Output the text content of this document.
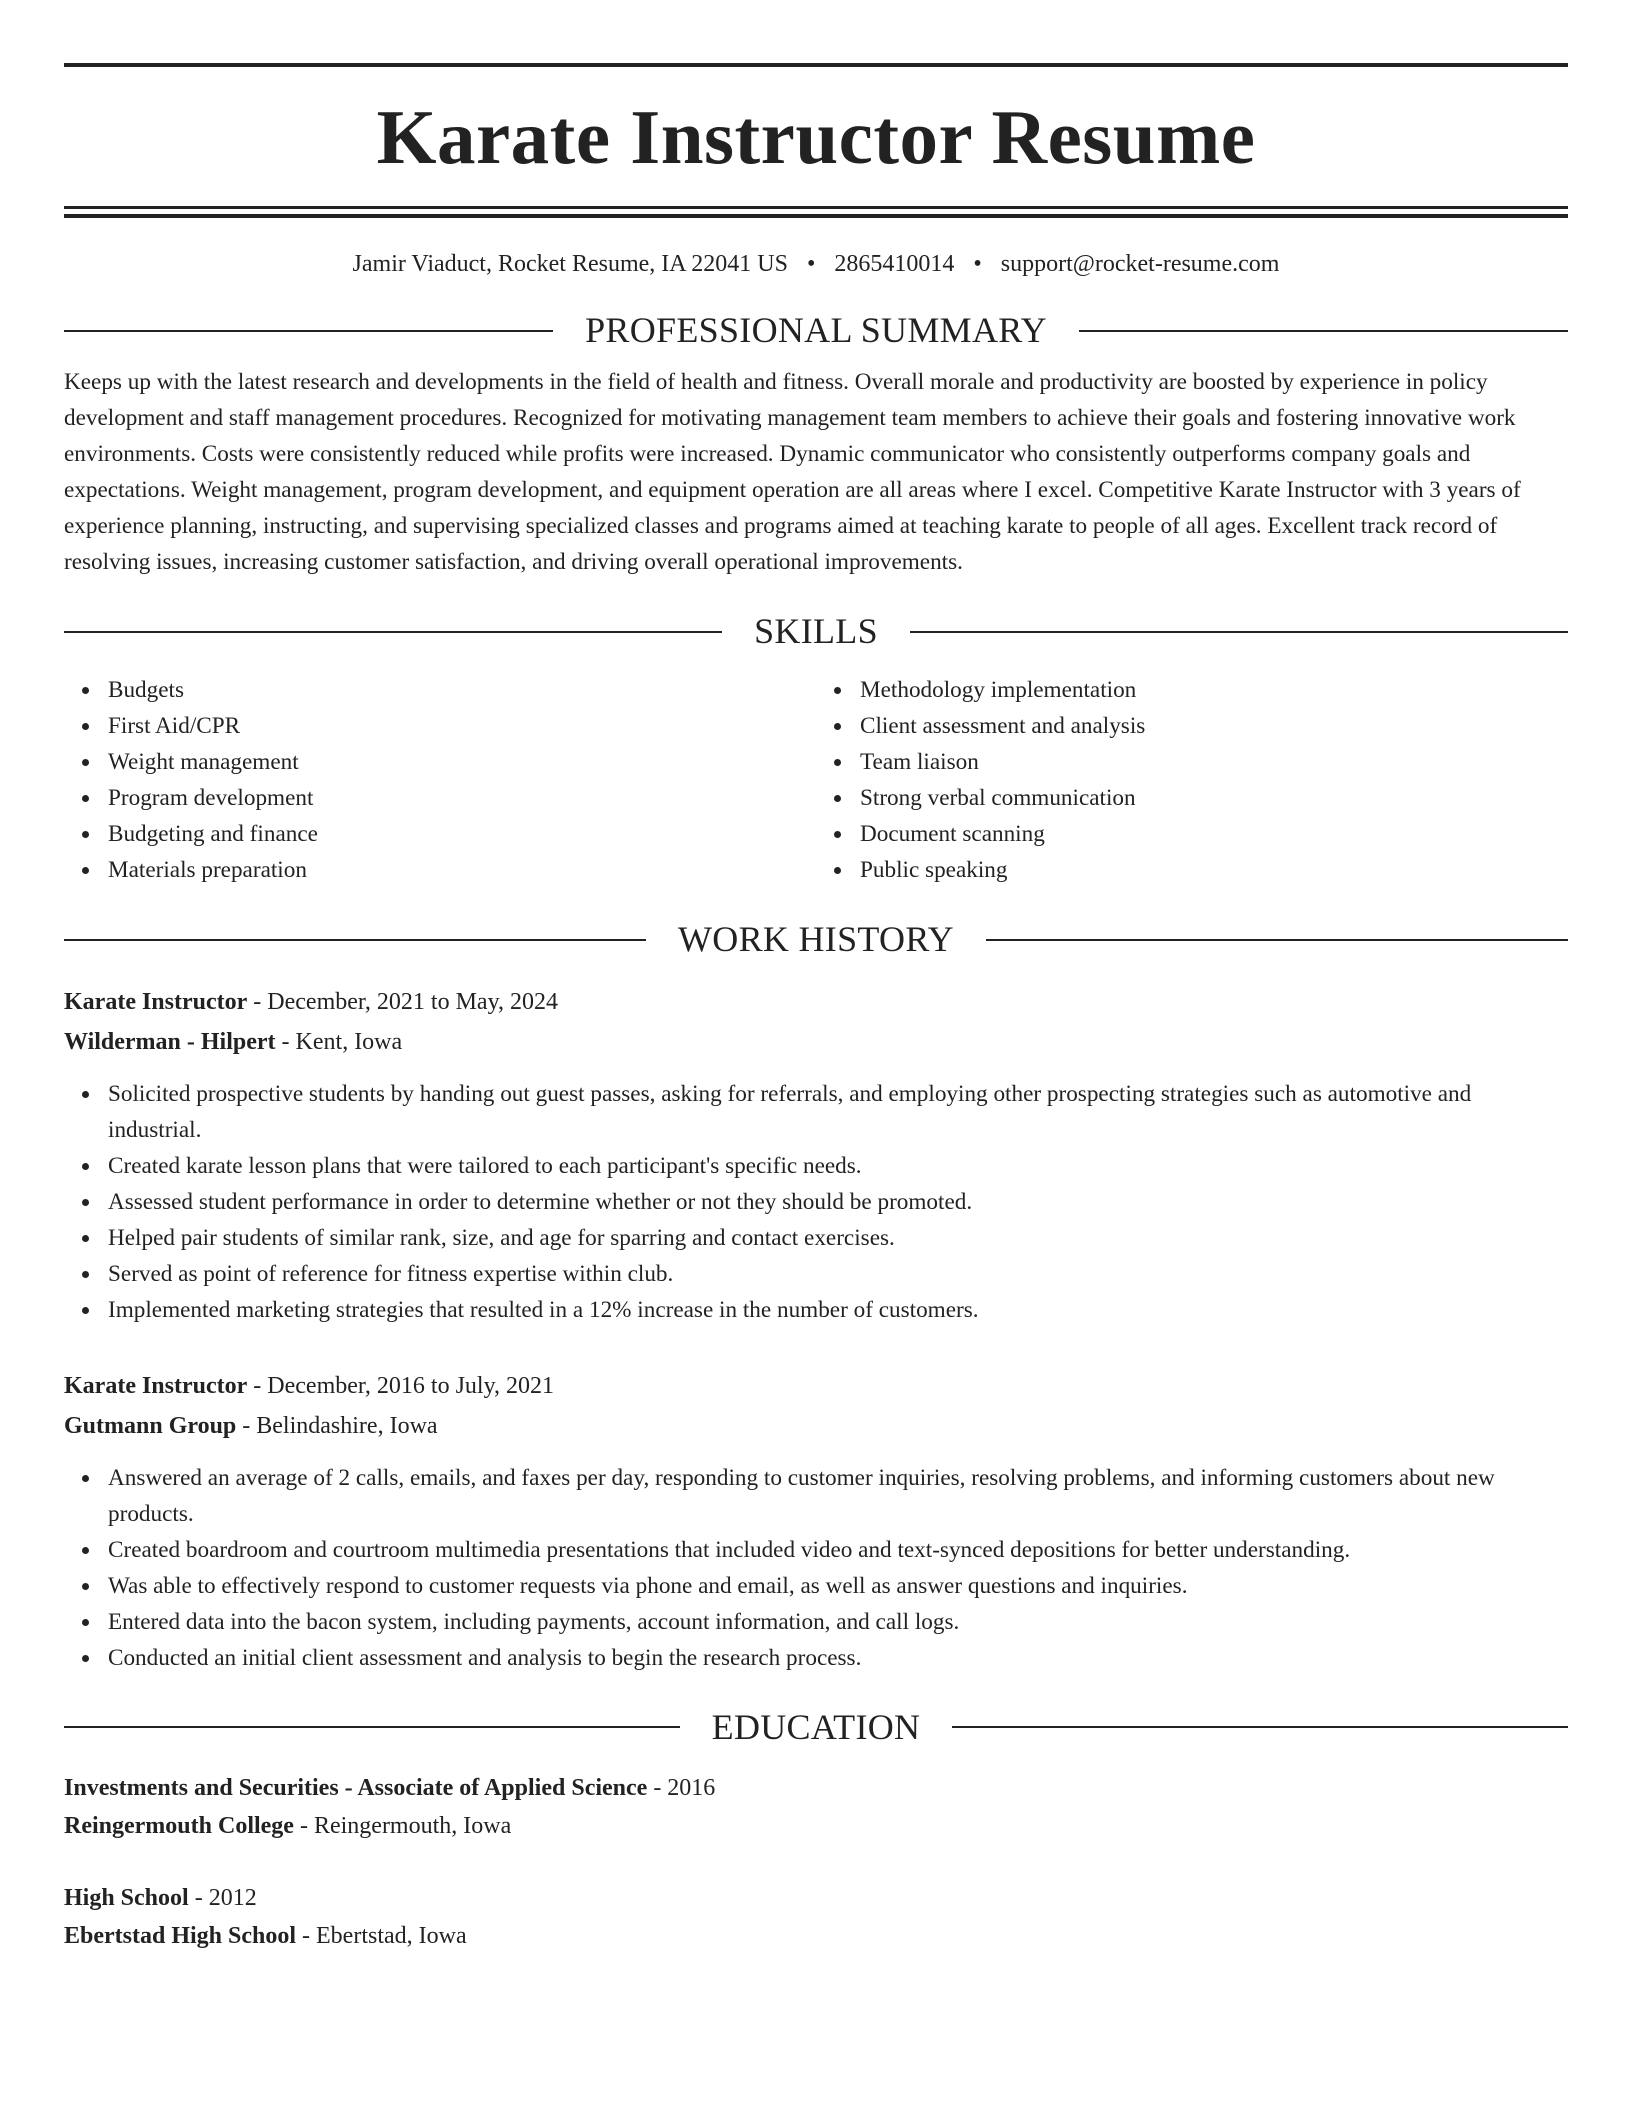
Karate Instructor Resume
Jamir Viaduct, Rocket Resume, IA 22041 US • 2865410014 • support@rocket-resume.com
PROFESSIONAL SUMMARY

Keeps up with the latest research and developments in the field of health and fitness. Overall morale and productivity are boosted by experience in policy development and staff management procedures. Recognized for motivating management team members to achieve their goals and fostering innovative work environments. Costs were consistently reduced while profits were increased. Dynamic communicator who consistently outperforms company goals and expectations. Weight management, program development, and equipment operation are all areas where I excel. Competitive Karate Instructor with 3 years of experience planning, instructing, and supervising specialized classes and programs aimed at teaching karate to people of all ages. Excellent track record of resolving issues, increasing customer satisfaction, and driving overall operational improvements.

SKILLS
Budgets
First Aid/CPR
Weight management
Program development
Budgeting and finance
Materials preparation
Methodology implementation
Client assessment and analysis
Team liaison
Strong verbal communication
Document scanning
Public speaking
WORK HISTORY
Karate Instructor - December, 2021 to May, 2024
Wilderman - Hilpert - Kent, Iowa
Solicited prospective students by handing out guest passes, asking for referrals, and employing other prospecting strategies such as automotive and industrial.
Created karate lesson plans that were tailored to each participant's specific needs.
Assessed student performance in order to determine whether or not they should be promoted.
Helped pair students of similar rank, size, and age for sparring and contact exercises.
Served as point of reference for fitness expertise within club.
Implemented marketing strategies that resulted in a 12% increase in the number of customers.
Karate Instructor - December, 2016 to July, 2021
Gutmann Group - Belindashire, Iowa
Answered an average of 2 calls, emails, and faxes per day, responding to customer inquiries, resolving problems, and informing customers about new products.
Created boardroom and courtroom multimedia presentations that included video and text-synced depositions for better understanding.
Was able to effectively respond to customer requests via phone and email, as well as answer questions and inquiries.
Entered data into the bacon system, including payments, account information, and call logs.
Conducted an initial client assessment and analysis to begin the research process.
EDUCATION
Investments and Securities - Associate of Applied Science - 2016
Reingermouth College - Reingermouth, Iowa
High School - 2012
Ebertstad High School - Ebertstad, Iowa
